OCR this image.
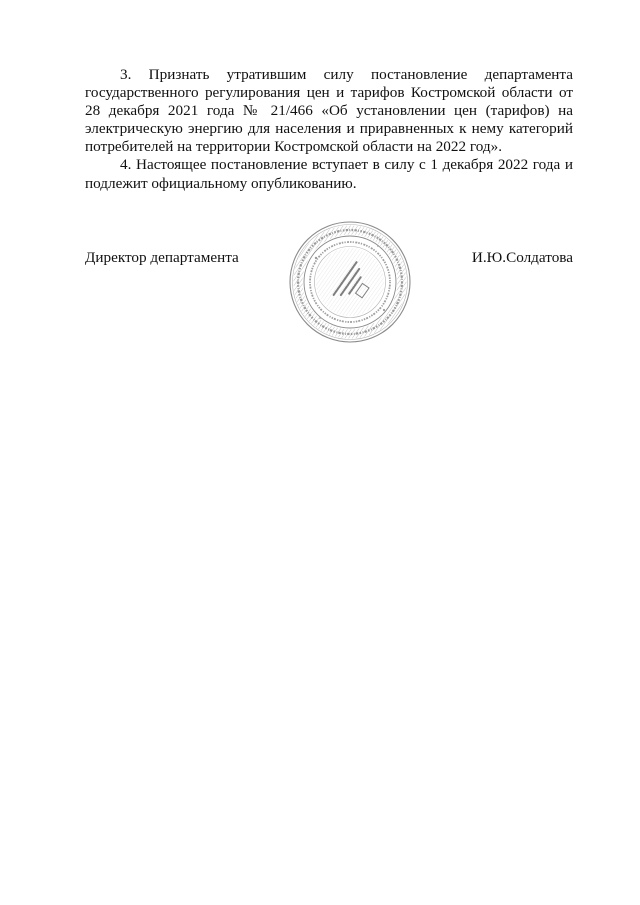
3. Признать утратившим силу постановление департамента государственного регулирования цен и тарифов Костромской области от 28 декабря 2021 года № 21/466 «Об установлении цен (тарифов) на электрическую энергию для населения и приравненных к нему категорий потребителей на территории Костромской области на 2022 год».

4. Настоящее постановление вступает в силу с 1 декабря 2022 года и подлежит официальному опубликованию.

Директор департамента	И.Ю.Солдатова
